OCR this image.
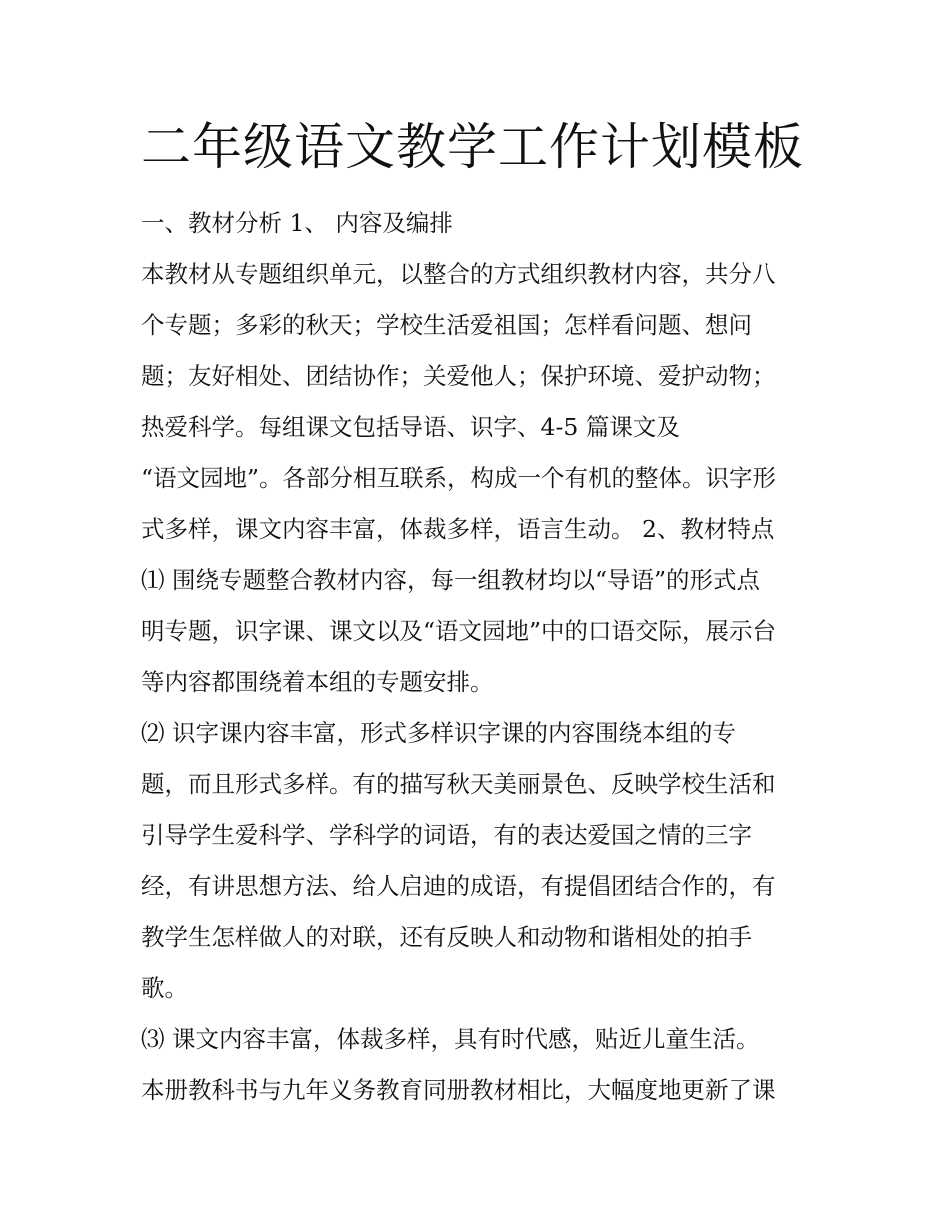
二年级语文教学工作计划模板
一、教材分析 1、 内容及编排
本教材从专题组织单元，以整合的方式组织教材内容，共分八
个专题；多彩的秋天；学校生活爱祖国；怎样看问题、想问
题；友好相处、团结协作；关爱他人；保护环境、爱护动物；
热爱科学。每组课文包括导语、识字、4-5 篇课文及
“语文园地”。各部分相互联系，构成一个有机的整体。识字形
式多样，课文内容丰富，体裁多样，语言生动。 2、教材特点
⑴ 围绕专题整合教材内容，每一组教材均以“导语”的形式点
明专题，识字课、课文以及“语文园地”中的口语交际，展示台
等内容都围绕着本组的专题安排。
⑵ 识字课内容丰富，形式多样识字课的内容围绕本组的专
题，而且形式多样。有的描写秋天美丽景色、反映学校生活和
引导学生爱科学、学科学的词语，有的表达爱国之情的三字
经，有讲思想方法、给人启迪的成语，有提倡团结合作的，有
教学生怎样做人的对联，还有反映人和动物和谐相处的拍手
歌。
⑶ 课文内容丰富，体裁多样，具有时代感，贴近儿童生活。
本册教科书与九年义务教育同册教材相比，大幅度地更新了课
